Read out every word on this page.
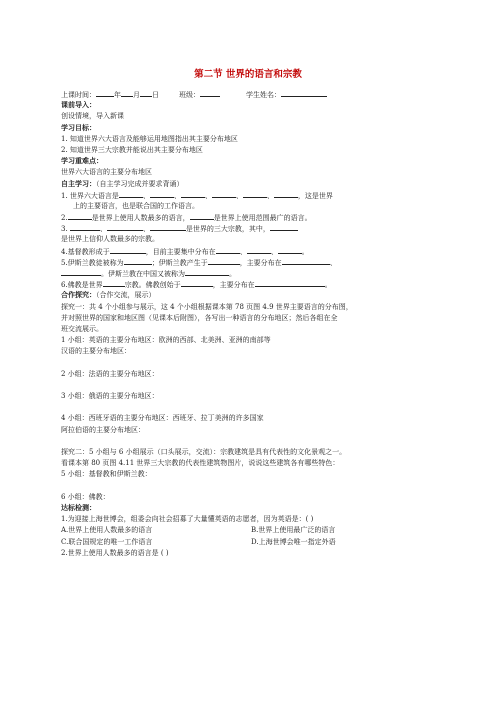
第二节 世界的语言和宗教
上课时间：	年 月 日	班级：	学生姓名：
课前导入：
创设情境，导入新课
学习目标：
1. 知道世界六大语言及能够运用地图指出其主要分布地区
2. 知道世界三大宗教并能说出其主要分布地区
学习重难点：
世界六大语言的主要分布地区
自主学习：（自主学习完成并要求背诵）
1. 世界六大语言是	、	、	、	、	、	，这是世界
上的主要语言，也是联合国的工作语言。
2.	是世界上使用人数最多的语言，	是世界上使用范围最广的语言。
3.	、	、	是世界的三大宗教，其中，
是世界上信仰人数最多的宗教。
4.基督教形成于	，目前主要集中分布在	、	、	。
5.伊斯兰教徒被称为	；伊斯兰教产生于	，主要分布在	、
。伊斯兰教在中国又被称为	。
6.佛教是世界	宗教。佛教创始于	，主要分布在	。
合作探究：（合作交流，展示）
探究一：共 4 个小组参与展示，这 4 个小组根据课本第 78 页图 4.9 世界主要语言的分布图，
并对照世界的国家和地区图（见课本后附图），各写出一种语言的分布地区；然后各组在全
班交流展示。
1 小组：英语的主要分布地区：欧洲的西部、北美洲、亚洲的南部等
汉语的主要分布地区：
2 小组：法语的主要分布地区：
3 小组：俄语的主要分布地区：
4 小组：西班牙语的主要分布地区：西班牙、拉丁美洲的许多国家
阿拉伯语的主要分布地区：
探究二：5 小组与 6 小组展示（口头展示，交流）：宗教建筑是具有代表性的文化景观之一。
看课本第 80 页图 4.11 世界三大宗教的代表性建筑物图片，说说这些建筑各有哪些特色：
5 小组：基督教和伊斯兰教：
6 小组：佛教：
达标检测：
1.为迎接上海世博会，组委会向社会招募了大量懂英语的志愿者，因为英语是：( )
A.世界上使用人数最多的语言	B.世界上使用最广泛的语言
C.联合国规定的唯一工作语言	D.上海世博会唯一指定外语
2.世界上使用人数最多的语言是 ( )
